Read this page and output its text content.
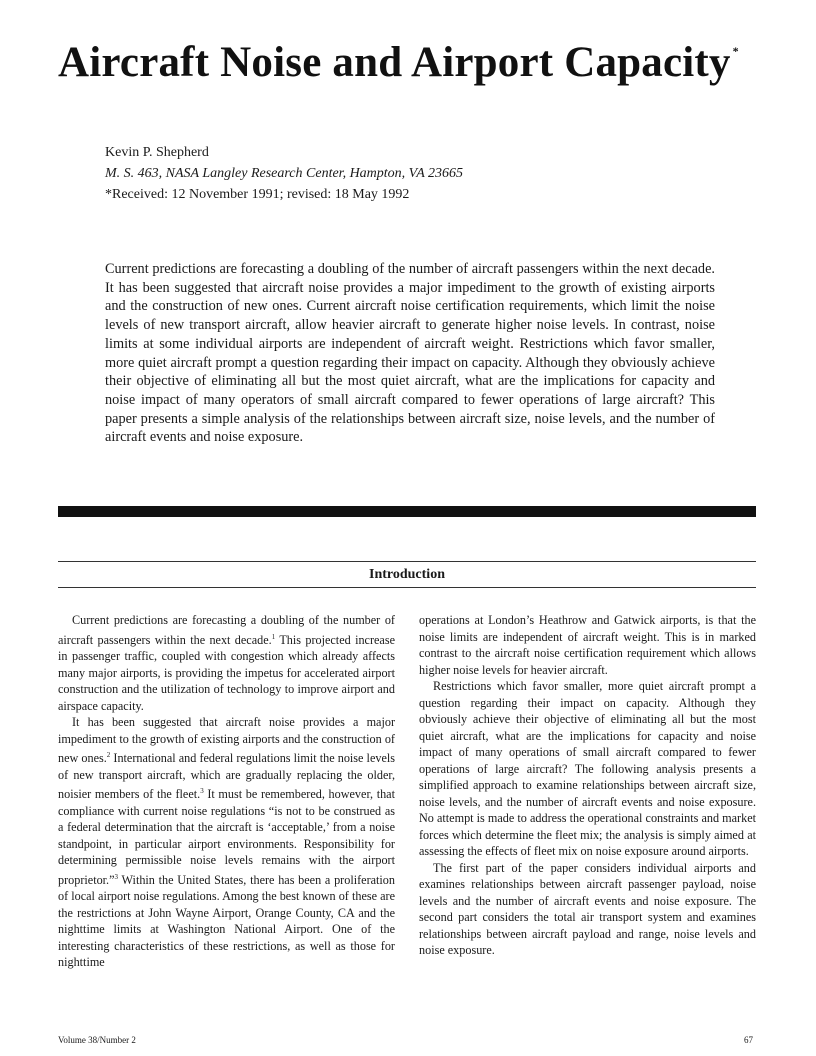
Aircraft Noise and Airport Capacity *
Kevin P. Shepherd
M. S. 463, NASA Langley Research Center, Hampton, VA 23665
*Received: 12 November 1991; revised: 18 May 1992

Current predictions are forecasting a doubling of the number of aircraft passengers within the next decade. It has been suggested that aircraft noise provides a major impediment to the growth of existing airports and the construction of new ones. Current aircraft noise certification requirements, which limit the noise levels of new transport aircraft, allow heavier aircraft to generate higher noise levels. In contrast, noise limits at some individual airports are independent of aircraft weight. Restrictions which favor smaller, more quiet aircraft prompt a question regarding their impact on capacity. Although they obviously achieve their objective of eliminating all but the most quiet aircraft, what are the implications for capacity and noise impact of many operators of small aircraft compared to fewer operations of large aircraft? This paper presents a simple analysis of the relationships between aircraft size, noise levels, and the number of aircraft events and noise exposure.

Introduction

Current predictions are forecasting a doubling of the number of aircraft passengers within the next decade.$^1$ This projected increase in passenger traffic, coupled with congestion which already affects many major airports, is providing the impetus for accelerated airport construction and the utilization of technology to improve airport and airspace capacity.

It has been suggested that aircraft noise provides a major impediment to the growth of existing airports and the construction of new ones.$^2$ International and federal regulations limit the noise levels of new transport aircraft, which are gradually replacing the older, noisier members of the fleet.$^3$ It must be remembered, however, that compliance with current noise regulations “is not to be construed as a federal determination that the aircraft is ‘acceptable,’ from a noise standpoint, in particular airport environments. Responsibility for determining permissible noise levels remains with the airport proprietor.”$^3$ Within the United States, there has been a proliferation of local airport noise regulations. Among the best known of these are the restrictions at John Wayne Airport, Orange County, CA and the nighttime limits at Washington National Airport. One of the interesting characteristics of these restrictions, as well as those for nighttime

operations at London’s Heathrow and Gatwick airports, is that the noise limits are independent of aircraft weight. This is in marked contrast to the aircraft noise certification requirement which allows higher noise levels for heavier aircraft.

Restrictions which favor smaller, more quiet aircraft prompt a question regarding their impact on capacity. Although they obviously achieve their objective of eliminating all but the most quiet aircraft, what are the implications for capacity and noise impact of many operations of small aircraft compared to fewer operations of large aircraft? The following analysis presents a simplified approach to examine relationships between aircraft size, noise levels, and the number of aircraft events and noise exposure. No attempt is made to address the operational constraints and market forces which determine the fleet mix; the analysis is simply aimed at assessing the effects of fleet mix on noise exposure around airports.

The first part of the paper considers individual airports and examines relationships between aircraft passenger payload, noise levels and the number of aircraft events and noise exposure. The second part considers the total air transport system and examines relationships between aircraft payload and range, noise levels and noise exposure.

Volume 38/Number 2	67
